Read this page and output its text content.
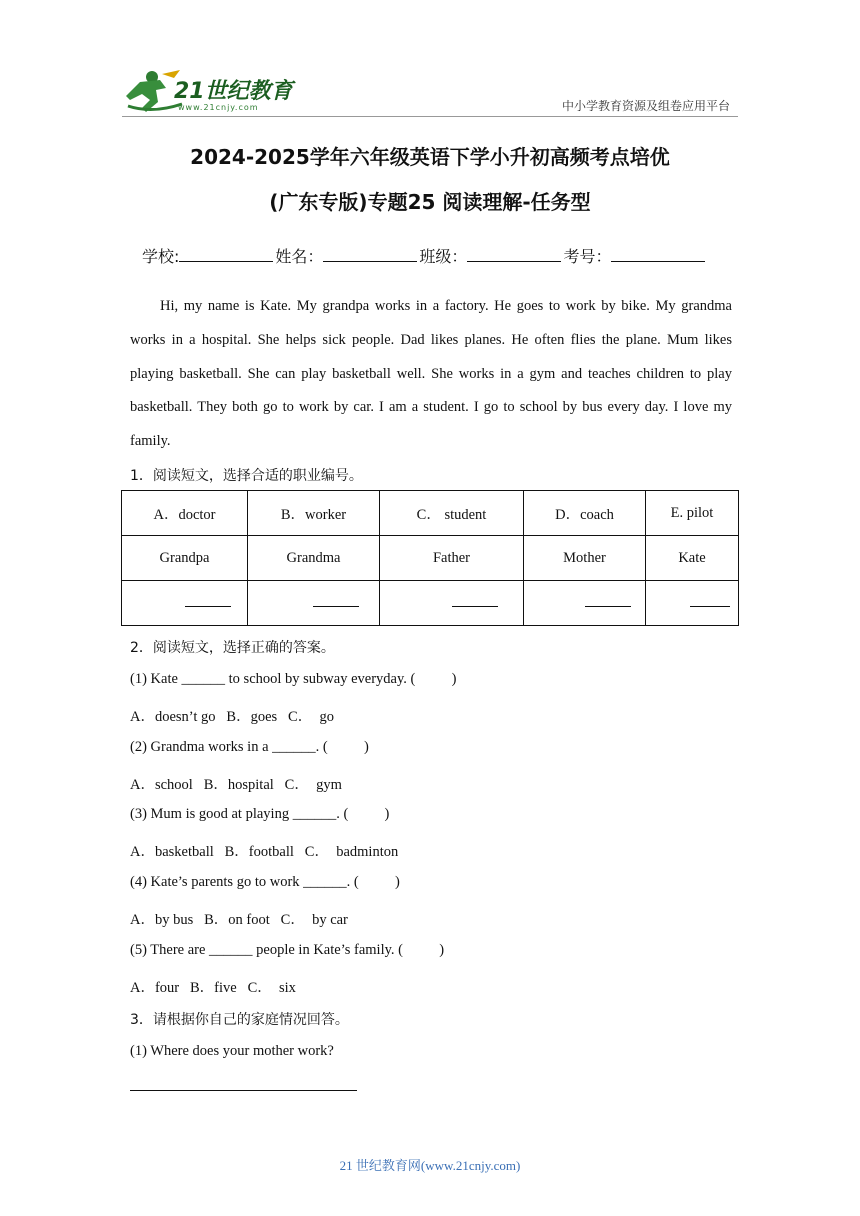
21世纪教育
www.21cnjy.com	中小学教育资源及组卷应用平台
2024-2025学年六年级英语下学小升初高频考点培优
(广东专版)专题25 阅读理解-任务型
学校:	姓名：	班级：	考号：
Hi, my name is Kate. My grandpa works in a factory. He goes to work by bike. My grandma works in a hospital. She helps sick people. Dad likes planes. He often flies the plane. Mum likes playing basketball. She can play basketball well. She works in a gym and teaches children to play basketball. They both go to work by car. I am a student. I go to school by bus every day. I love my family.
1．阅读短文，选择合适的职业编号。
A．doctor	B．worker	C． student	D．coach	E. pilot
Grandpa	Grandma	Father	Mother	Kate

2．阅读短文，选择正确的答案。
(1) Kate ______ to school by subway everyday. (          )
A．doesn’t go   B．goes   C．  go
(2) Grandma works in a ______. (          )
A．school   B．hospital   C．  gym
(3) Mum is good at playing ______. (          )
A．basketball   B．football   C．  badminton
(4) Kate’s parents go to work ______. (          )
A．by bus   B．on foot   C．  by car
(5) There are ______ people in Kate’s family. (          )
A．four   B．five   C．  six
3．请根据你自己的家庭情况回答。
(1) Where does your mother work?
21 世纪教育网(www.21cnjy.com)
